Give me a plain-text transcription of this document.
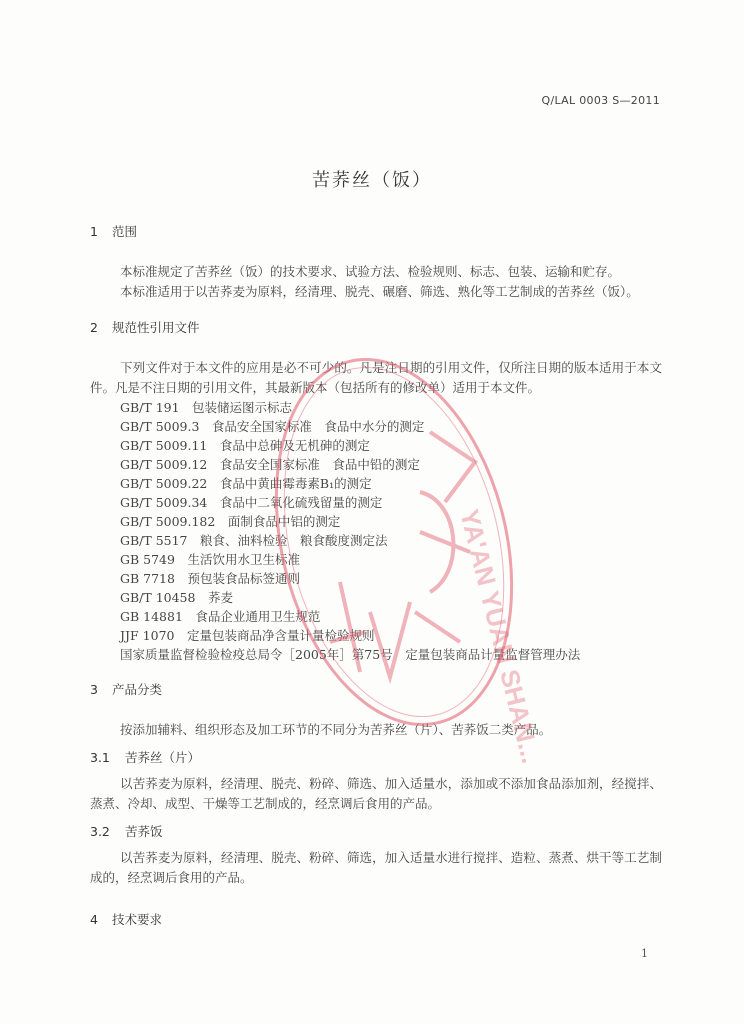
Q/LAL 0003 S—2011
苦荞丝（饭）

1 范围

本标准规定了苦荞丝（饭）的技术要求、试验方法、检验规则、标志、包装、运输和贮存。

本标准适用于以苦荞麦为原料，经清理、脱壳、碾磨、筛选、熟化等工艺制成的苦荞丝（饭）。

2 规范性引用文件

下列文件对于本文件的应用是必不可少的。凡是注日期的引用文件，仅所注日期的版本适用于本文件。凡是不注日期的引用文件，其最新版本（包括所有的修改单）适用于本文件。

GB/T 191　包装储运图示标志
GB/T 5009.3　食品安全国家标准　食品中水分的测定
GB/T 5009.11　食品中总砷及无机砷的测定
GB/T 5009.12　食品安全国家标准　食品中铅的测定
GB/T 5009.22　食品中黄曲霉毒素B₁的测定
GB/T 5009.34　食品中二氧化硫残留量的测定
GB/T 5009.182　面制食品中铝的测定
GB/T 5517　粮食、油料检验　粮食酸度测定法
GB 5749　生活饮用水卫生标准
GB 7718　预包装食品标签通则
GB/T 10458　荞麦
GB 14881　食品企业通用卫生规范
JJF 1070　定量包装商品净含量计量检验规则
国家质量监督检验检疫总局令［2005年］第75号　定量包装商品计量监督管理办法

3 产品分类

按添加辅料、组织形态及加工环节的不同分为苦荞丝（片）、苦荞饭二类产品。

3.1 苦荞丝（片）

以苦荞麦为原料，经清理、脱壳、粉碎、筛选、加入适量水，添加或不添加食品添加剂，经搅拌、蒸煮、冷却、成型、干燥等工艺制成的，经烹调后食用的产品。

3.2 苦荞饭

以苦荞麦为原料，经清理、脱壳、粉碎、筛选，加入适量水进行搅拌、造粒、蒸煮、烘干等工艺制成的，经烹调后食用的产品。

4 技术要求

YA'AN YUAN SHAN...
1
